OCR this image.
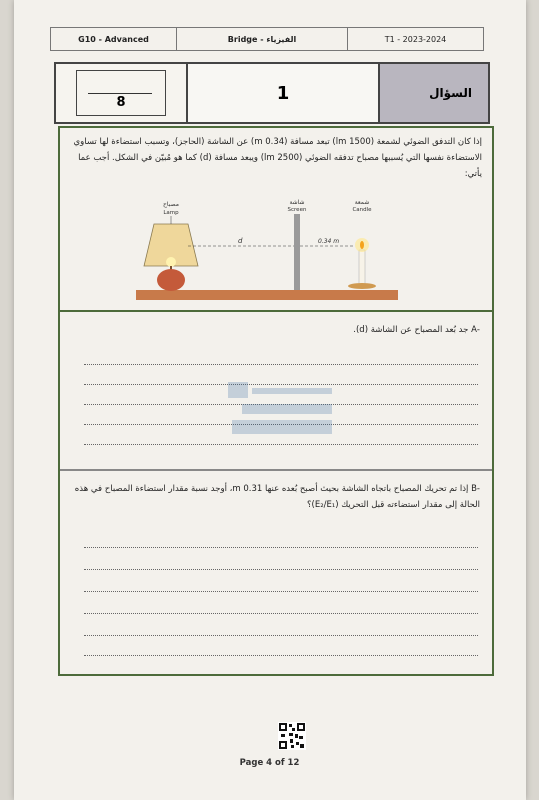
G10 - Advanced	Bridge - الفيزياء	T1 - 2023-2024
8	1	السؤال

إذا كان التدفق الضوئي لشمعة (1500 lm) تبعد مسافة (0.34 m) عن الشاشة (الحاجز)، وتسبب استضاءة لها تساوي الاستضاءة نفسها التي يُسببها مصباح تدفقه الضوئي (2500 lm) ويبعد مسافة (d) كما هو مُبيّن في الشكل. أجب عما يأتي:

مصباح
Lamp
شاشة
Screen
شمعة
Candle
d	0.34 m
-A جد بُعد المصباح عن الشاشة (d).
-B إذا تم تحريك المصباح باتجاه الشاشة بحيث أصبح بُعده عنها 0.31 m، أوجد نسبة مقدار استضاءة المصباح في هذه الحالة إلى مقدار استضاءته قبل التحريك (E₂/E₁)؟
Page 4 of 12
